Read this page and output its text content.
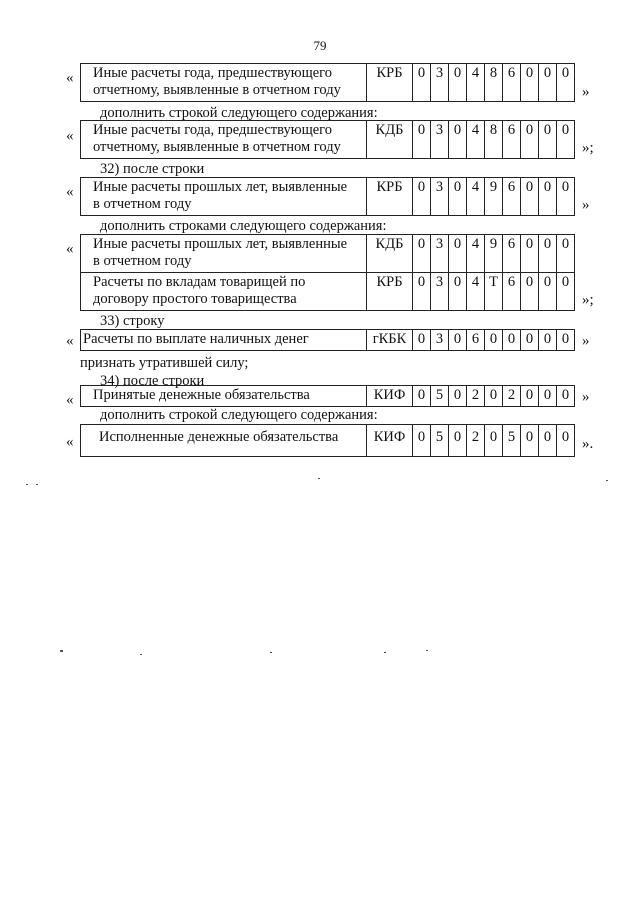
79
« Иные расчеты года, предшествующего
отчетному, выявленные в отчетном году
	КРБ	0	3	0	4	8	6	0	0	0
»
дополнить строкой следующего содержания:
« Иные расчеты года, предшествующего
отчетному, выявленные в отчетном году
	КДБ	0	3	0	4	8	6	0	0	0
»;
32) после строки
« Иные расчеты прошлых лет, выявленные
в отчетном году
	КРБ	0	3	0	4	9	6	0	0	0
»
дополнить строками следующего содержания:
« Иные расчеты прошлых лет, выявленные
в отчетном году	КДБ	0	3	0	4	9	6	0	0	0

Расчеты по вкладам товарищей по
договору простого товарищества	КРБ	0	3	0	4	Т	6	0	0	0
»;
33) строку
« Расчеты по выплате наличных денег	гКБК	0	3	0	6	0	0	0	0	0 »
признать утратившей силу;
34) после строки
« Принятые денежные обязательства	КИФ	0	5	0	2	0	2	0	0	0 »
дополнить строкой следующего содержания:
« Исполненные денежные обязательства	КИФ	0	5	0	2	0	5	0	0	0 ».
